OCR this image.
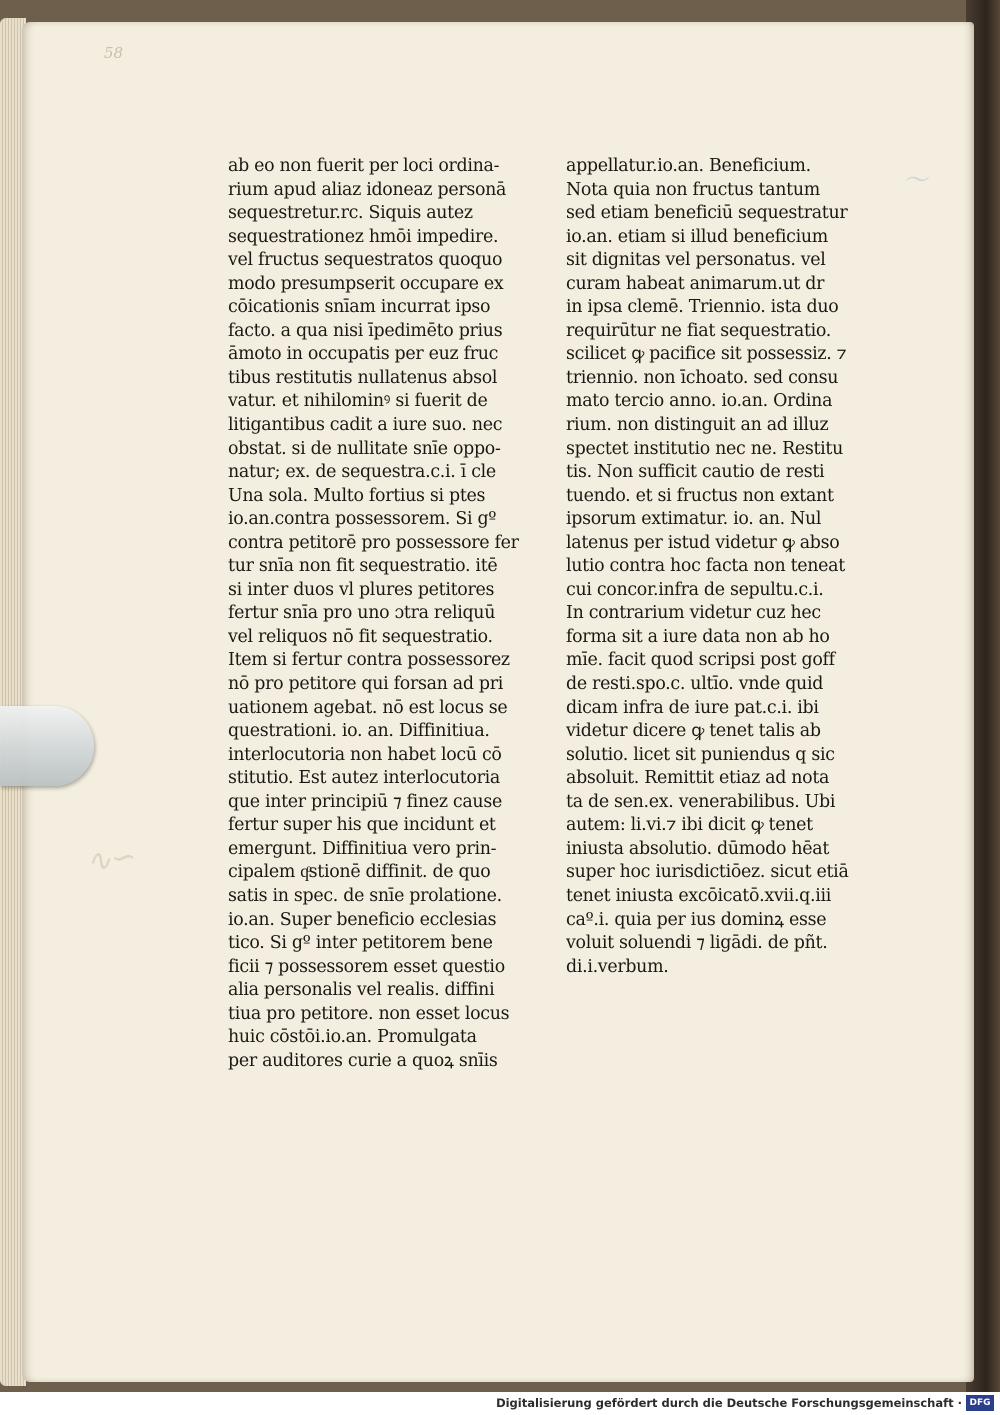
58
〜
∿∽
ab eo non fuerit per loci ordina-
rium apud aliaz idoneaz personā
sequestretur.rc. Siquis autez
sequestrationez hmōi impedire.
vel fructus sequestratos quoquo
modo presumpserit occupare ex
cōicationis snīam incurrat ipso
facto. a qua nisi īpedimēto prius
āmoto in occupatis per euz fruc
tibus restitutis nullatenus absol
vatur. et nihilominꝰ si fuerit de
litigantibus cadit a iure suo. nec
obstat. si de nullitate snīe oppo-
natur; ex. de sequestra.c.i. ī cle
Una sola. Multo fortius si ptes
io.an.contra possessorem. Si gº
contra petitorē pro possessore fer
tur snīa non fit sequestratio. itē
si inter duos vl plures petitores
fertur snīa pro uno ɔtra reliquū
vel reliquos nō fit sequestratio.
Item si fertur contra possessorez
nō pro petitore qui forsan ad pri
uationem agebat. nō est locus se
questrationi. io. an. Diffinitiua.
interlocutoria non habet locū cō
stitutio. Est autez interlocutoria
que inter principiū ⁊ finez cause
fertur super his que incidunt et
emergunt. Diffinitiua vero prin-
cipalem qͦstionē diffinit. de quo
satis in spec. de snīe prolatione.
io.an. Super beneficio ecclesias
tico. Si gº inter petitorem bene
ficii ⁊ possessorem esset questio
alia personalis vel realis. diffini
tiua pro petitore. non esset locus
huic cōstōi.io.an. Promulgata
per auditores curie a quoꝝ snīis
appellatur.io.an. Beneficium.
Nota quia non fructus tantum
sed etiam beneficiū sequestratur
io.an. etiam si illud beneficium
sit dignitas vel personatus. vel
curam habeat animarum.ut dr
in ipsa clemē. Triennio. ista duo
requirūtur ne fiat sequestratio.
scilicet ꝙ pacifice sit possessiz. ⁊
triennio. non īchoato. sed consu
mato tercio anno. io.an. Ordina
rium. non distinguit an ad illuz
spectet institutio nec ne. Restitu
tis. Non sufficit cautio de resti
tuendo. et si fructus non extant
ipsorum extimatur. io. an. Nul
latenus per istud videtur ꝙ abso
lutio contra hoc facta non teneat
cui concor.infra de sepultu.c.i.
In contrarium videtur cuz hec
forma sit a iure data non ab ho
mīe. facit quod scripsi post goff
de resti.spo.c. ultīo. vnde quid
dicam infra de iure pat.c.i. ibi
videtur dicere ꝙ tenet talis ab
solutio. licet sit puniendus q sic
absoluit. Remittit etiaz ad nota
ta de sen.ex. venerabilibus. Ubi
autem: li.vi.⁊ ibi dicit ꝙ tenet
iniusta absolutio. dūmodo hēat
super hoc iurisdictiōez. sicut etiā
tenet iniusta excōicatō.xvii.q.iii
caº.i. quia per ius dominꝝ esse
voluit soluendi ⁊ ligādi. de pñt.
di.i.verbum.
Digitalisierung gefördert durch die Deutsche Forschungsgemeinschaft · DFG
